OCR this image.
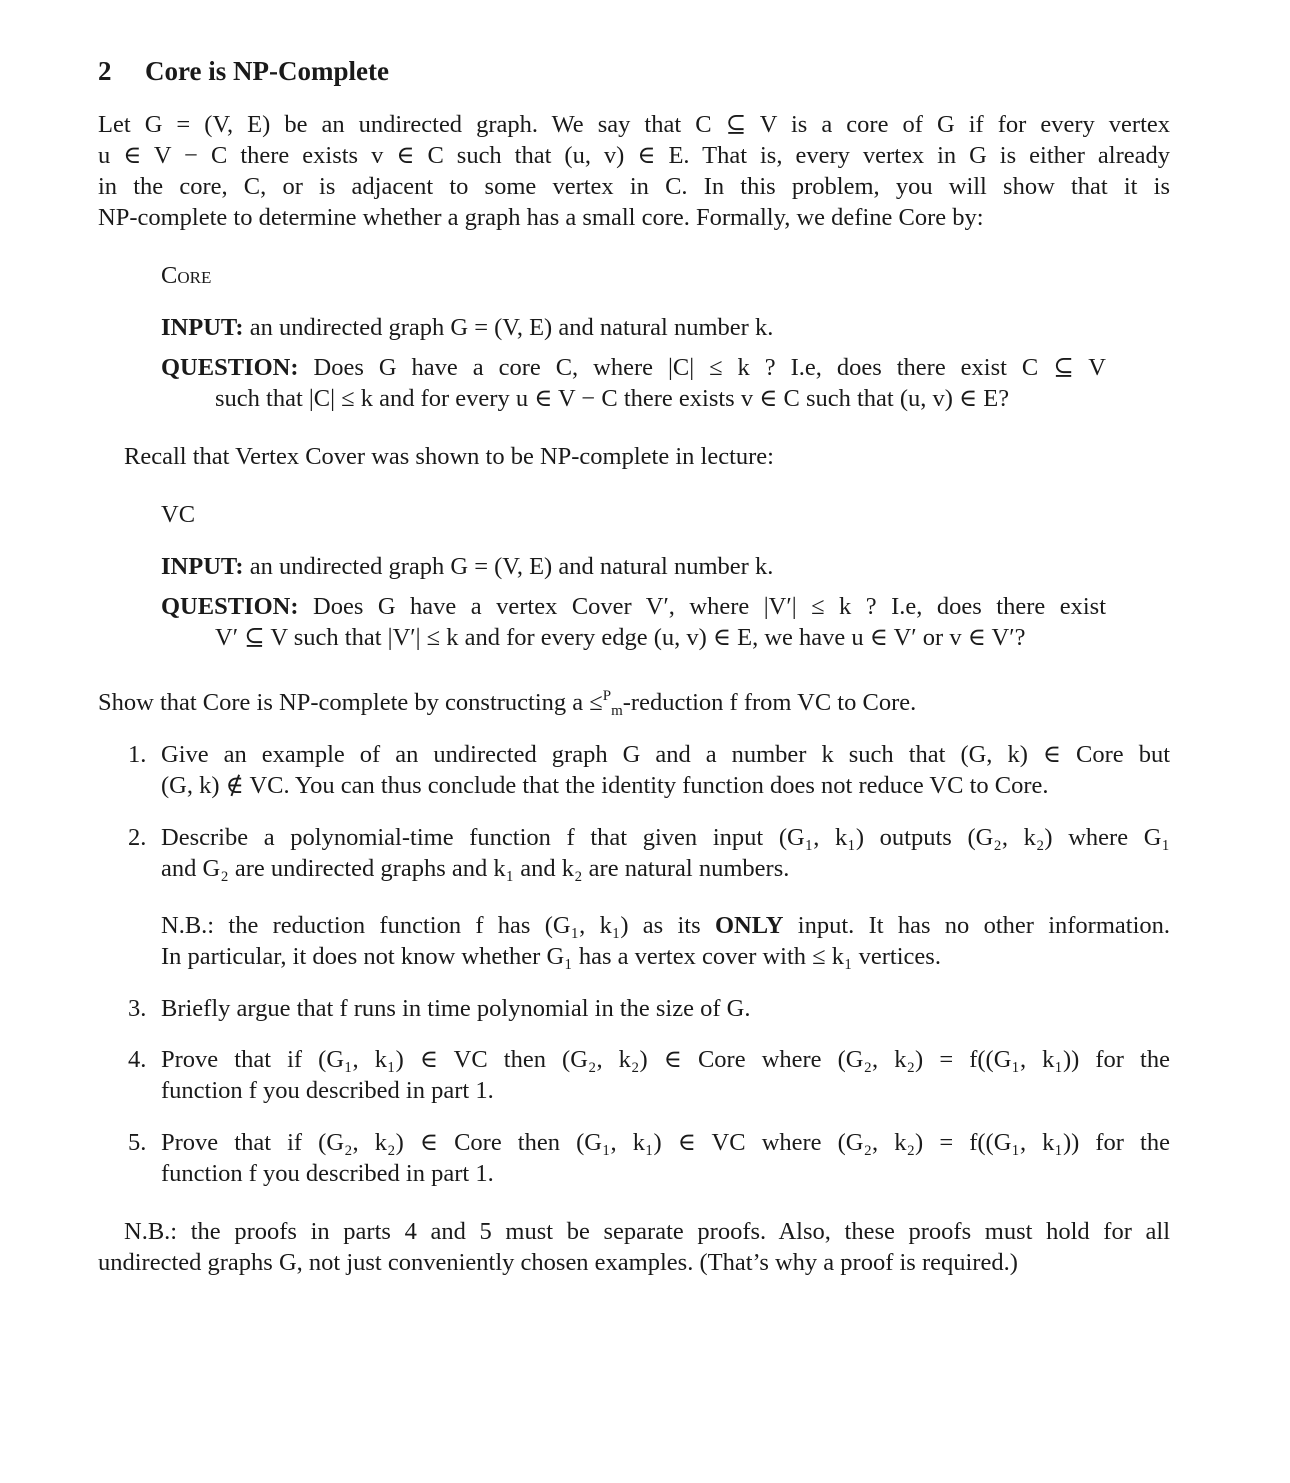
2 Core is NP-Complete
Let G = (V, E) be an undirected graph. We say that C ⊆ V is a core of G if for every vertex
u ∈ V − C there exists v ∈ C such that (u, v) ∈ E. That is, every vertex in G is either already
in the core, C, or is adjacent to some vertex in C. In this problem, you will show that it is
NP-complete to determine whether a graph has a small core. Formally, we define Core by:
Core
INPUT: an undirected graph G = (V, E) and natural number k.
QUESTION: Does G have a core C, where |C| ≤ k ? I.e, does there exist C ⊆ V
such that |C| ≤ k and for every u ∈ V − C there exists v ∈ C such that (u, v) ∈ E?
Recall that Vertex Cover was shown to be NP-complete in lecture:
VC
INPUT: an undirected graph G = (V, E) and natural number k.
QUESTION: Does G have a vertex Cover V′, where |V′| ≤ k ? I.e, does there exist
V′ ⊆ V such that |V′| ≤ k and for every edge (u, v) ∈ E, we have u ∈ V′ or v ∈ V′?
Show that Core is NP-complete by constructing a ≤$^P_m$-reduction f from VC to Core.
1. Give an example of an undirected graph G and a number k such that (G, k) ∈ Core but
(G, k) ∉ VC. You can thus conclude that the identity function does not reduce VC to Core.
2. Describe a polynomial-time function f that given input (G₁, k₁) outputs (G₂, k₂) where G₁
and G₂ are undirected graphs and k₁ and k₂ are natural numbers.
N.B.: the reduction function f has (G₁, k₁) as its ONLY input. It has no other information.
In particular, it does not know whether G₁ has a vertex cover with ≤ k₁ vertices.
3. Briefly argue that f runs in time polynomial in the size of G.
4. Prove that if (G₁, k₁) ∈ VC then (G₂, k₂) ∈ Core where (G₂, k₂) = f((G₁, k₁)) for the
function f you described in part 1.
5. Prove that if (G₂, k₂) ∈ Core then (G₁, k₁) ∈ VC where (G₂, k₂) = f((G₁, k₁)) for the
function f you described in part 1.
N.B.: the proofs in parts 4 and 5 must be separate proofs. Also, these proofs must hold for all
undirected graphs G, not just conveniently chosen examples. (That’s why a proof is required.)
